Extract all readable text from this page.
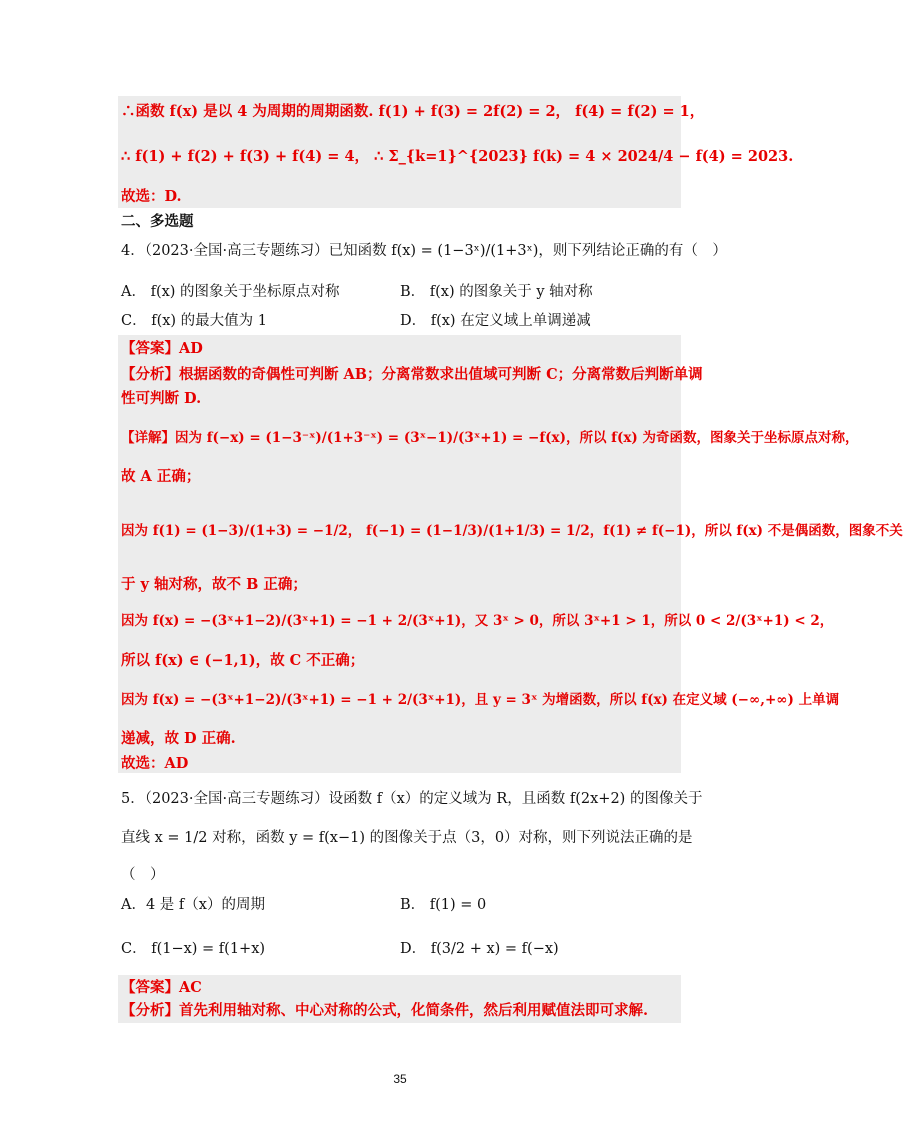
∴函数 f(x) 是以 4 为周期的周期函数. f(1) + f(3) = 2f(2) = 2， f(4) = f(2) = 1，
∴ f(1) + f(2) + f(3) + f(4) = 4， ∴ Σ_{k=1}^{2023} f(k) = 4 × 2024/4 − f(4) = 2023.
故选：D.
二、多选题
4．（2023·全国·高三专题练习）已知函数 f(x) = (1−3ˣ)/(1+3ˣ)，则下列结论正确的有（　）
A． f(x) 的图象关于坐标原点对称	B． f(x) 的图象关于 y 轴对称
C． f(x) 的最大值为 1	D． f(x) 在定义域上单调递减
【答案】AD
【分析】根据函数的奇偶性可判断 AB；分离常数求出值域可判断 C；分离常数后判断单调
性可判断 D.
【详解】因为 f(−x) = (1−3⁻ˣ)/(1+3⁻ˣ) = (3ˣ−1)/(3ˣ+1) = −f(x)，所以 f(x) 为奇函数，图象关于坐标原点对称，
故 A 正确；
因为 f(1) = (1−3)/(1+3) = −1/2， f(−1) = (1−1/3)/(1+1/3) = 1/2，f(1) ≠ f(−1)，所以 f(x) 不是偶函数，图象不关
于 y 轴对称，故不 B 正确；
因为 f(x) = −(3ˣ+1−2)/(3ˣ+1) = −1 + 2/(3ˣ+1)，又 3ˣ > 0，所以 3ˣ+1 > 1，所以 0 < 2/(3ˣ+1) < 2，
所以 f(x) ∈ (−1,1)，故 C 不正确；
因为 f(x) = −(3ˣ+1−2)/(3ˣ+1) = −1 + 2/(3ˣ+1)，且 y = 3ˣ 为增函数，所以 f(x) 在定义域 (−∞,+∞) 上单调
递减，故 D 正确.
故选：AD
5．（2023·全国·高三专题练习）设函数 f（x）的定义域为 R，且函数 f(2x+2) 的图像关于
直线 x = 1/2 对称，函数 y = f(x−1) 的图像关于点（3，0）对称，则下列说法正确的是
（　）
A．4 是 f（x）的周期	B． f(1) = 0
C． f(1−x) = f(1+x)	D． f(3/2 + x) = f(−x)
【答案】AC
【分析】首先利用轴对称、中心对称的公式，化简条件，然后利用赋值法即可求解.
35
